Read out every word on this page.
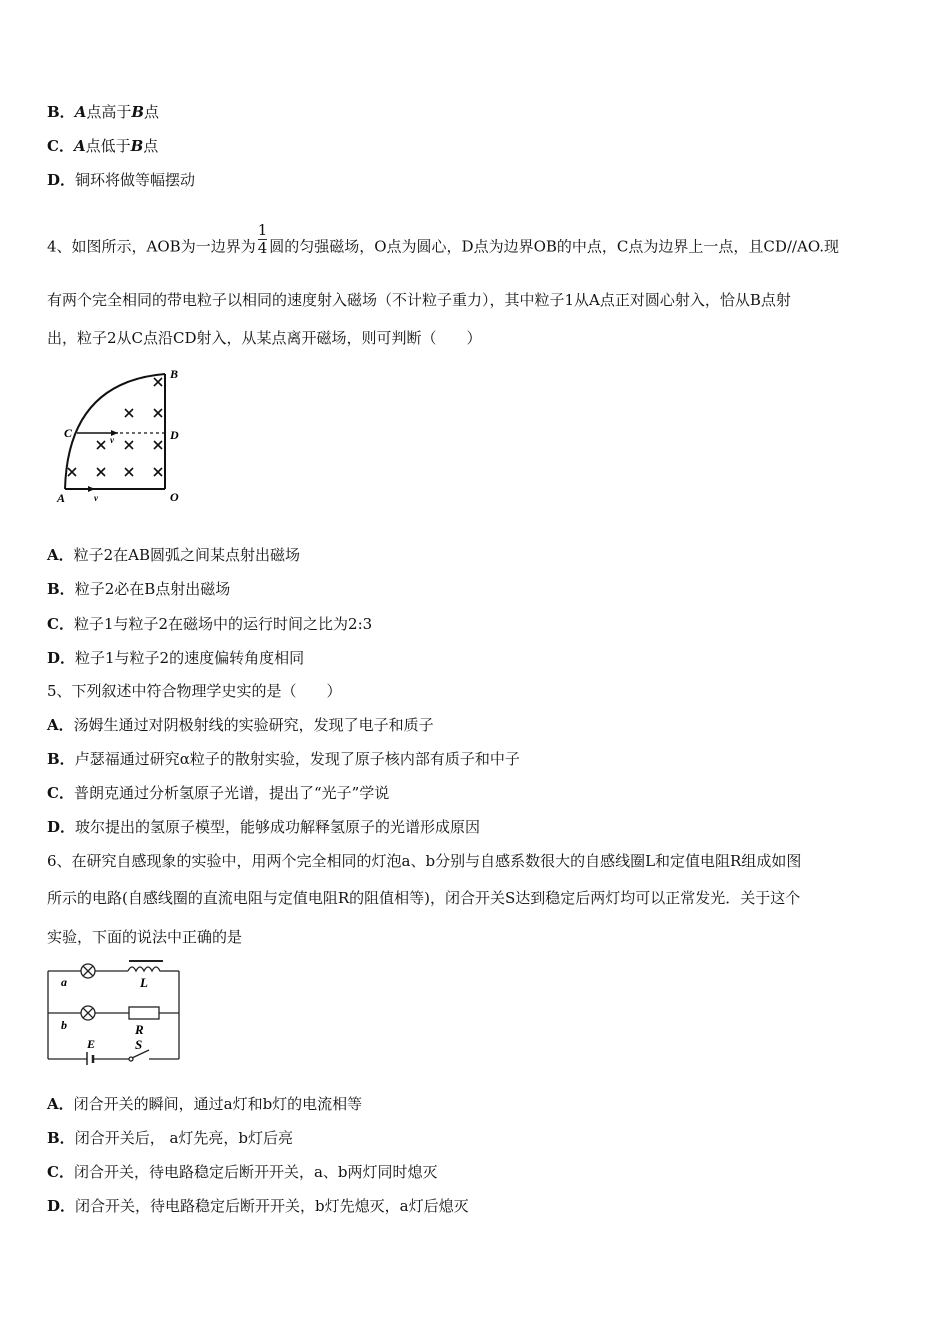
B．A点高于B点
C．A点低于B点
D．铜环将做等幅摆动
4、如图所示，AOB为一边界为 $\frac{1}{4}$ 圆的匀强磁场，O点为圆心，D点为边界OB的中点，C点为边界上一点，且CD//AO.现
有两个完全相同的带电粒子以相同的速度射入磁场（不计粒子重力），其中粒子1从A点正对圆心射入，恰从B点射
出，粒子2从C点沿CD射入，从某点离开磁场，则可判断（　　）
B
C	D
A	O
v
v
A．粒子2在AB圆弧之间某点射出磁场
B．粒子2必在B点射出磁场
C．粒子1与粒子2在磁场中的运行时间之比为2:3
D．粒子1与粒子2的速度偏转角度相同
5、下列叙述中符合物理学史实的是（　　）
A．汤姆生通过对阴极射线的实验研究，发现了电子和质子
B．卢瑟福通过研究α粒子的散射实验，发现了原子核内部有质子和中子
C．普朗克通过分析氢原子光谱，提出了“光子”学说
D．玻尔提出的氢原子模型，能够成功解释氢原子的光谱形成原因
6、在研究自感现象的实验中，用两个完全相同的灯泡a、b分别与自感系数很大的自感线圈L和定值电阻R组成如图
所示的电路(自感线圈的直流电阻与定值电阻R的阻值相等)，闭合开关S达到稳定后两灯均可以正常发光．关于这个
实验，下面的说法中正确的是
a	L
b	R
E	S
A．闭合开关的瞬间，通过a灯和b灯的电流相等
B．闭合开关后， a灯先亮，b灯后亮
C．闭合开关，待电路稳定后断开开关，a、b两灯同时熄灭
D．闭合开关，待电路稳定后断开开关，b灯先熄灭，a灯后熄灭
